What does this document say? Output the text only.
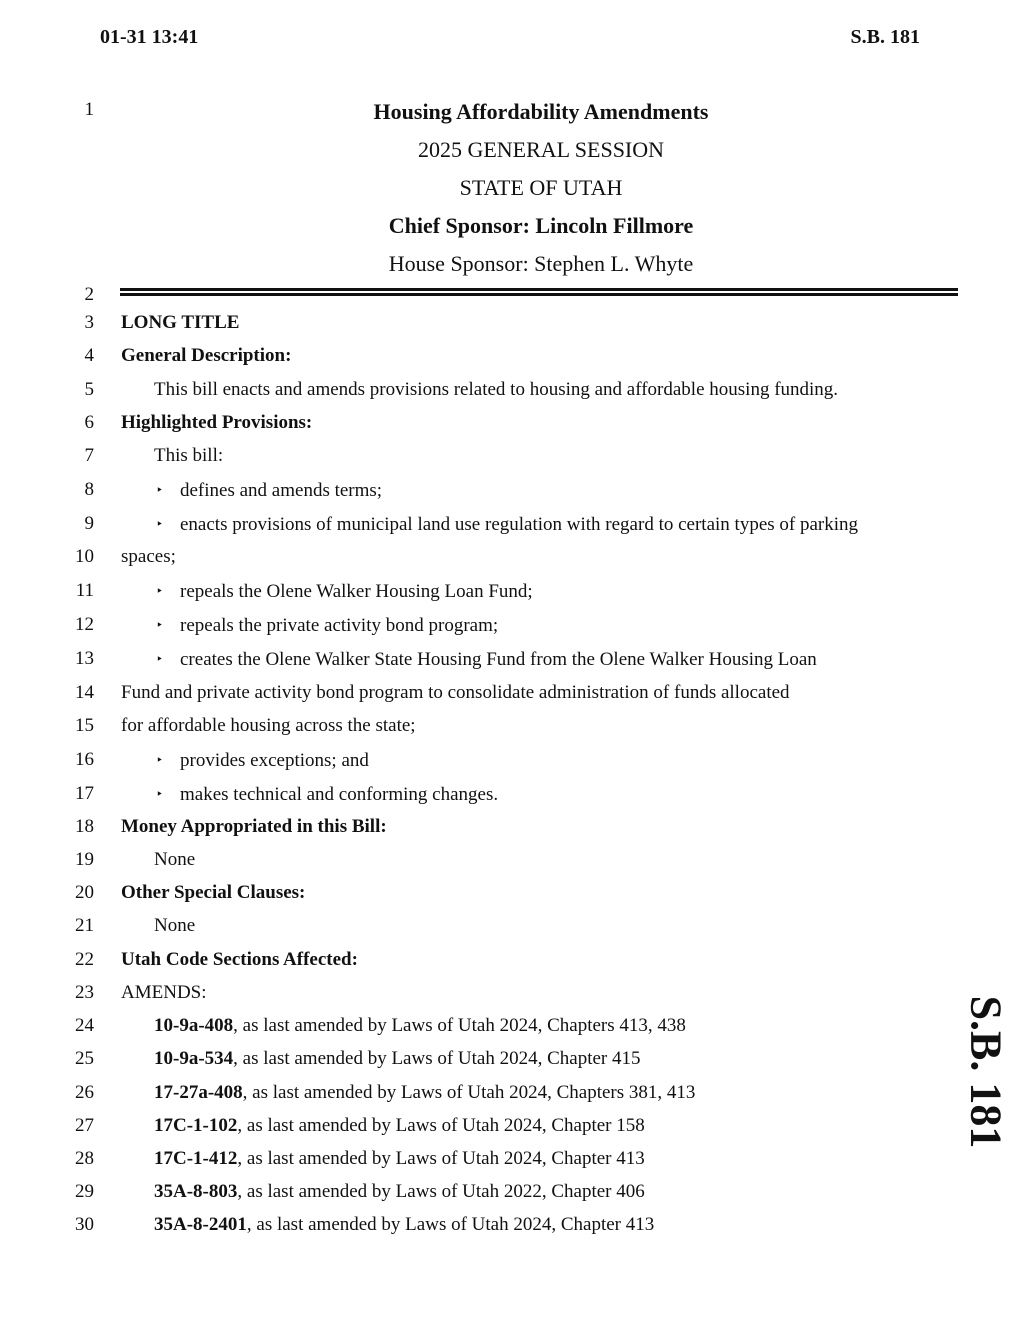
01-31 13:41	S.B. 181
Housing Affordability Amendments
2025 GENERAL SESSION
STATE OF UTAH
Chief Sponsor: Lincoln Fillmore
House Sponsor: Stephen L. Whyte
1
2
3
4
5
6
7
8
9
10
11
12
13
14
15
16
17
18
19
20
21
22
23
24
25
26
27
28
29
30
LONG TITLE
General Description:
This bill enacts and amends provisions related to housing and affordable housing funding.
Highlighted Provisions:
This bill:
‣ defines and amends terms;
‣ enacts provisions of municipal land use regulation with regard to certain types of parking
spaces;
‣ repeals the Olene Walker Housing Loan Fund;
‣ repeals the private activity bond program;
‣ creates the Olene Walker State Housing Fund from the Olene Walker Housing Loan
Fund and private activity bond program to consolidate administration of funds allocated
for affordable housing across the state;
‣ provides exceptions; and
‣ makes technical and conforming changes.
Money Appropriated in this Bill:
None
Other Special Clauses:
None
Utah Code Sections Affected:
AMENDS:
10-9a-408, as last amended by Laws of Utah 2024, Chapters 413, 438
10-9a-534, as last amended by Laws of Utah 2024, Chapter 415
17-27a-408, as last amended by Laws of Utah 2024, Chapters 381, 413
17C-1-102, as last amended by Laws of Utah 2024, Chapter 158
17C-1-412, as last amended by Laws of Utah 2024, Chapter 413
35A-8-803, as last amended by Laws of Utah 2022, Chapter 406
35A-8-2401, as last amended by Laws of Utah 2024, Chapter 413
S.B. 181
